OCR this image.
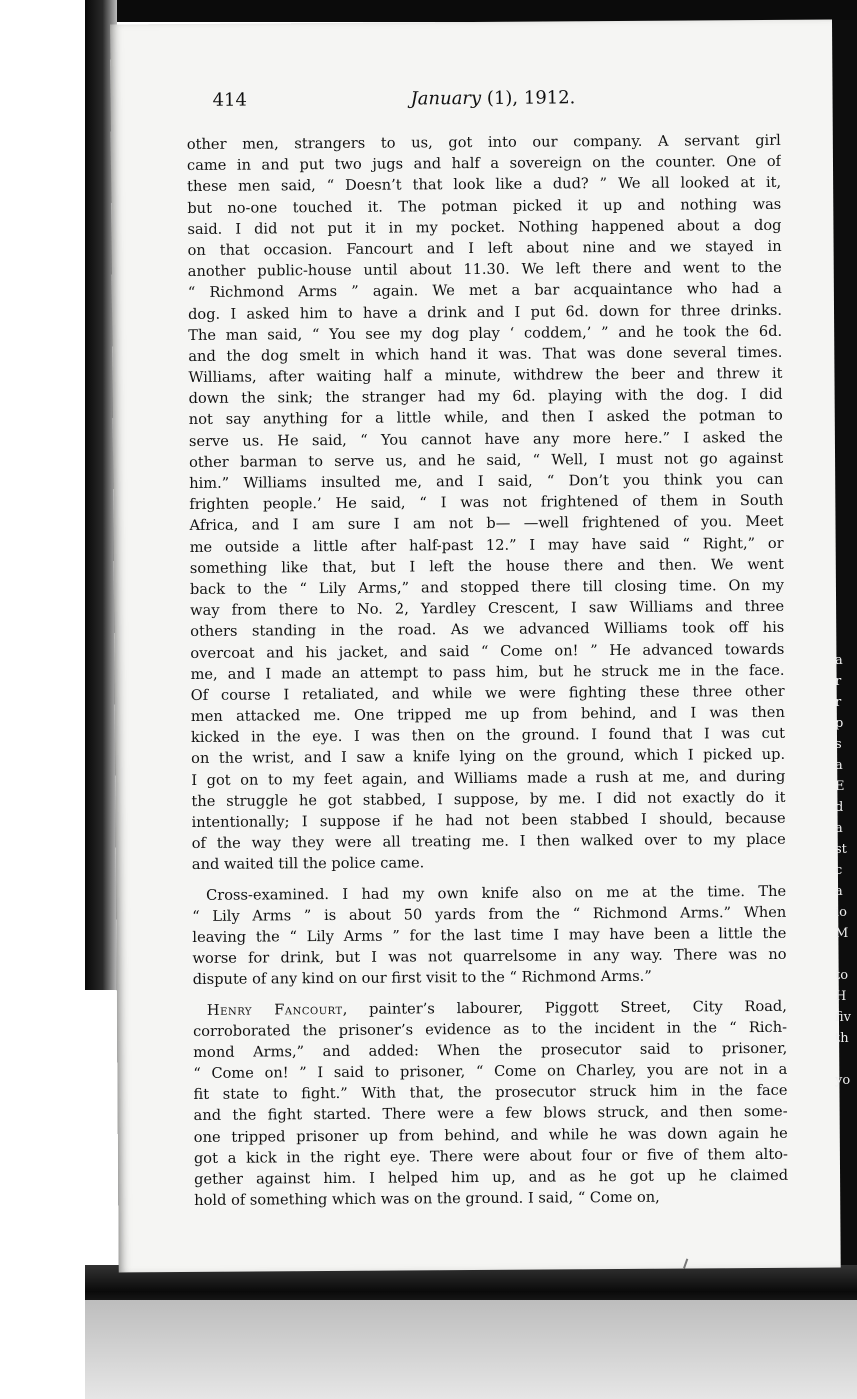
414	January (1), 1912.
other men, strangers to us, got into our company. A servant girl
came in and put two jugs and half a sovereign on the counter. One of
these men said, “ Doesn’t that look like a dud? ” We all looked at it,
but no-one touched it. The potman picked it up and nothing was
said. I did not put it in my pocket. Nothing happened about a dog
on that occasion. Fancourt and I left about nine and we stayed in
another public-house until about 11.30. We left there and went to the
“ Richmond Arms ” again. We met a bar acquaintance who had a
dog. I asked him to have a drink and I put 6d. down for three drinks.
The man said, “ You see my dog play ‘ coddem,’ ” and he took the 6d.
and the dog smelt in which hand it was. That was done several times.
Williams, after waiting half a minute, withdrew the beer and threw it
down the sink; the stranger had my 6d. playing with the dog. I did
not say anything for a little while, and then I asked the potman to
serve us. He said, “ You cannot have any more here.” I asked the
other barman to serve us, and he said, “ Well, I must not go against
him.” Williams insulted me, and I said, “ Don’t you think you can
frighten people.’ He said, “ I was not frightened of them in South
Africa, and I am sure I am not b— —well frightened of you. Meet
me outside a little after half-past 12.” I may have said “ Right,” or
something like that, but I left the house there and then. We went
back to the “ Lily Arms,” and stopped there till closing time. On my
way from there to No. 2, Yardley Crescent, I saw Williams and three
others standing in the road. As we advanced Williams took off his
overcoat and his jacket, and said “ Come on! ” He advanced towards
me, and I made an attempt to pass him, but he struck me in the face.
Of course I retaliated, and while we were fighting these three other
men attacked me. One tripped me up from behind, and I was then
kicked in the eye. I was then on the ground. I found that I was cut
on the wrist, and I saw a knife lying on the ground, which I picked up.
I got on to my feet again, and Williams made a rush at me, and during
the struggle he got stabbed, I suppose, by me. I did not exactly do it
intentionally; I suppose if he had not been stabbed I should, because
of the way they were all treating me. I then walked over to my place
and waited till the police came.
Cross-examined. I had my own knife also on me at the time. The
“ Lily Arms ” is about 50 yards from the “ Richmond Arms.” When
leaving the “ Lily Arms ” for the last time I may have been a little the
worse for drink, but I was not quarrelsome in any way. There was no
dispute of any kind on our first visit to the “ Richmond Arms.”
Henry Fancourt, painter’s labourer, Piggott Street, City Road,
corroborated the prisoner’s evidence as to the incident in the “ Rich-
mond Arms,” and added: When the prosecutor said to prisoner,
“ Come on! ” I said to prisoner, “ Come on Charley, you are not in a
fit state to fight.” With that, the prosecutor struck him in the face
and the fight started. There were a few blows struck, and then some-
one tripped prisoner up from behind, and while he was down again he
got a kick in the right eye. There were about four or five of them alto-
gether against him. I helped him up, and as he got up he claimed
hold of something which was on the ground. I said, “ Come on,
a
r
r
p
s
a
E
d
a
st
c
a
io
M
to
H
fiv
th
yo
